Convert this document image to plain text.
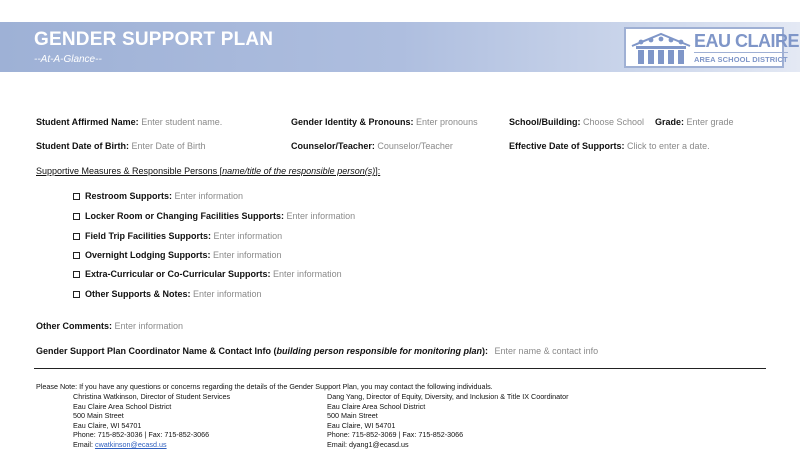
GENDER SUPPORT PLAN
--At-A-Glance--
EAU CLAIRE
AREA SCHOOL DISTRICT
Student Affirmed Name: Enter student name.	Gender Identity & Pronouns: Enter pronouns	School/Building: Choose School Grade: Enter grade
Student Date of Birth: Enter Date of Birth	Counselor/Teacher: Counselor/Teacher	Effective Date of Supports: Click to enter a date.
Supportive Measures & Responsible Persons [name/title of the responsible person(s)]:
Restroom Supports: Enter information
Locker Room or Changing Facilities Supports: Enter information
Field Trip Facilities Supports: Enter information
Overnight Lodging Supports: Enter information
Extra-Curricular or Co-Curricular Supports: Enter information
Other Supports & Notes: Enter information
Other Comments: Enter information
Gender Support Plan Coordinator Name & Contact Info (building person responsible for monitoring plan): Enter name & contact info
Please Note: If you have any questions or concerns regarding the details of the Gender Support Plan, you may contact the following individuals.
Christina Watkinson, Director of Student Services
Eau Claire Area School District
500 Main Street
Eau Claire, WI 54701
Phone: 715-852-3036 | Fax: 715-852-3066
Email: cwatkinson@ecasd.us
Dang Yang, Director of Equity, Diversity, and Inclusion & Title IX Coordinator
Eau Claire Area School District
500 Main Street
Eau Claire, WI 54701
Phone: 715-852-3069 | Fax: 715-852-3066
Email: dyang1@ecasd.us
